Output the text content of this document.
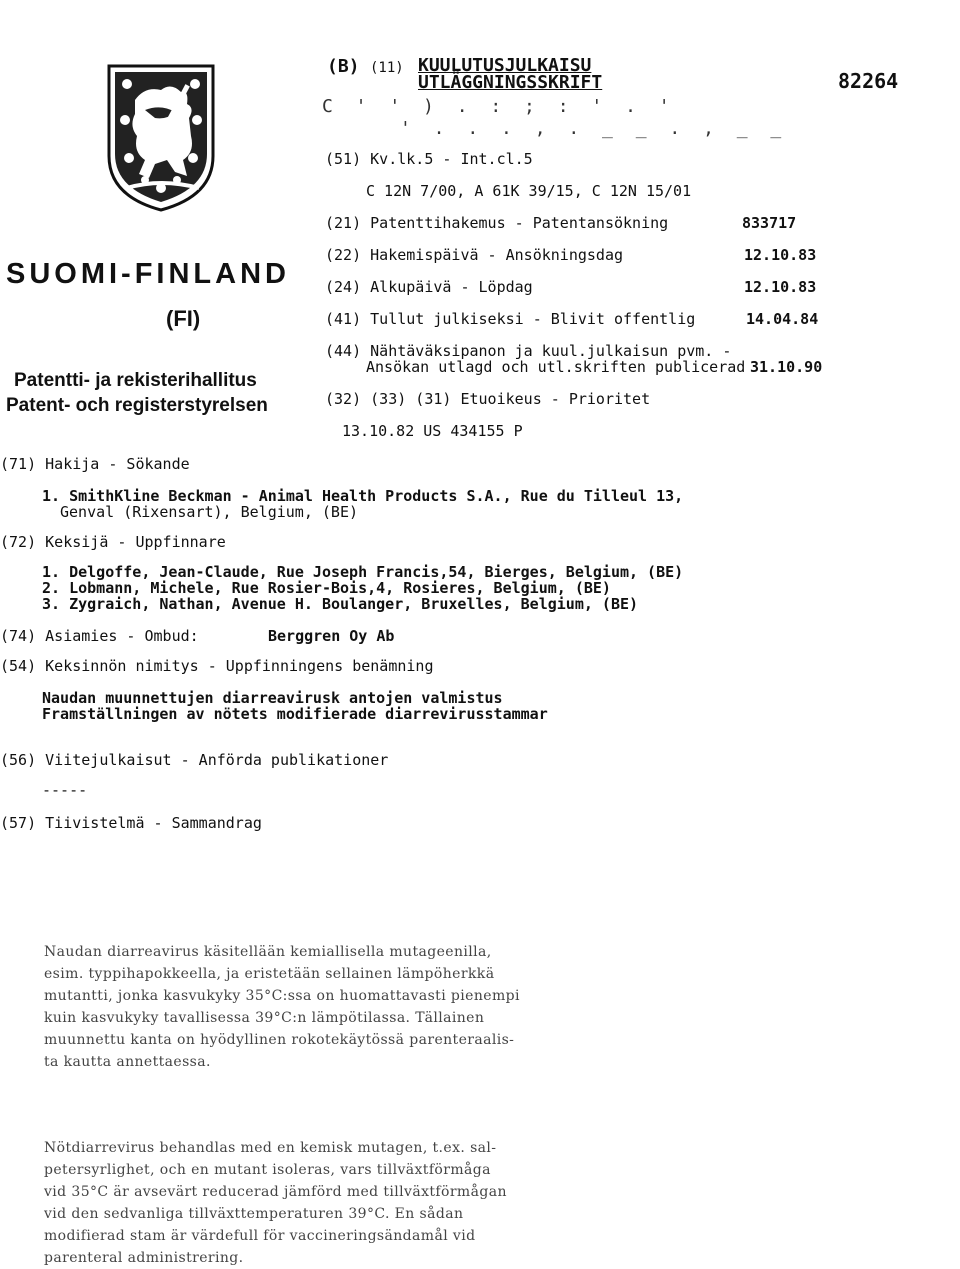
SUOMI-FINLAND
(FI)
Patentti- ja rekisterihallitus
Patent- och registerstyrelsen
(B) (11) KUULUTUSJULKAISU
UTLÄGGNINGSSKRIFT	82264
C ' ' ) . : ; : ' . '
' . . . , . _ _ . , _ _
(51) Kv.lk.5 - Int.cl.5
C 12N 7/00, A 61K 39/15, C 12N 15/01
(21) Patenttihakemus - Patentansökning	833717
(22) Hakemispäivä - Ansökningsdag	12.10.83
(24) Alkupäivä - Löpdag	12.10.83
(41) Tullut julkiseksi - Blivit offentlig	14.04.84
(44) Nähtäväksipanon ja kuul.julkaisun pvm. -
Ansökan utlagd och utl.skriften publicerad 31.10.90
(32) (33) (31) Etuoikeus - Prioritet
13.10.82 US 434155 P
(71) Hakija - Sökande
1. SmithKline Beckman - Animal Health Products S.A., Rue du Tilleul 13,
Genval (Rixensart), Belgium, (BE)
(72) Keksijä - Uppfinnare
1. Delgoffe, Jean-Claude, Rue Joseph Francis,54, Bierges, Belgium, (BE)
2. Lobmann, Michele, Rue Rosier-Bois,4, Rosieres, Belgium, (BE)
3. Zygraich, Nathan, Avenue H. Boulanger, Bruxelles, Belgium, (BE)
(74) Asiamies - Ombud:	Berggren Oy Ab
(54) Keksinnön nimitys - Uppfinningens benämning
Naudan muunnettujen diarreavirusk antojen valmistus
Framställningen av nötets modifierade diarrevirusstammar
(56) Viitejulkaisut - Anförda publikationer
-----
(57) Tiivistelmä - Sammandrag
Naudan diarreavirus käsitellään kemiallisella mutageenilla,
esim. typpihapokkeella, ja eristetään sellainen lämpöherkkä
mutantti, jonka kasvukyky 35°C:ssa on huomattavasti pienempi
kuin kasvukyky tavallisessa 39°C:n lämpötilassa. Tällainen
muunnettu kanta on hyödyllinen rokotekäytössä parenteraalis-
ta kautta annettaessa.
Nötdiarrevirus behandlas med en kemisk mutagen, t.ex. sal-
petersyrlighet, och en mutant isoleras, vars tillväxtförmåga
vid 35°C är avsevärt reducerad jämförd med tillväxtförmågan
vid den sedvanliga tillväxttemperaturen 39°C. En sådan
modifierad stam är värdefull för vaccineringsändamål vid
parenteral administrering.
